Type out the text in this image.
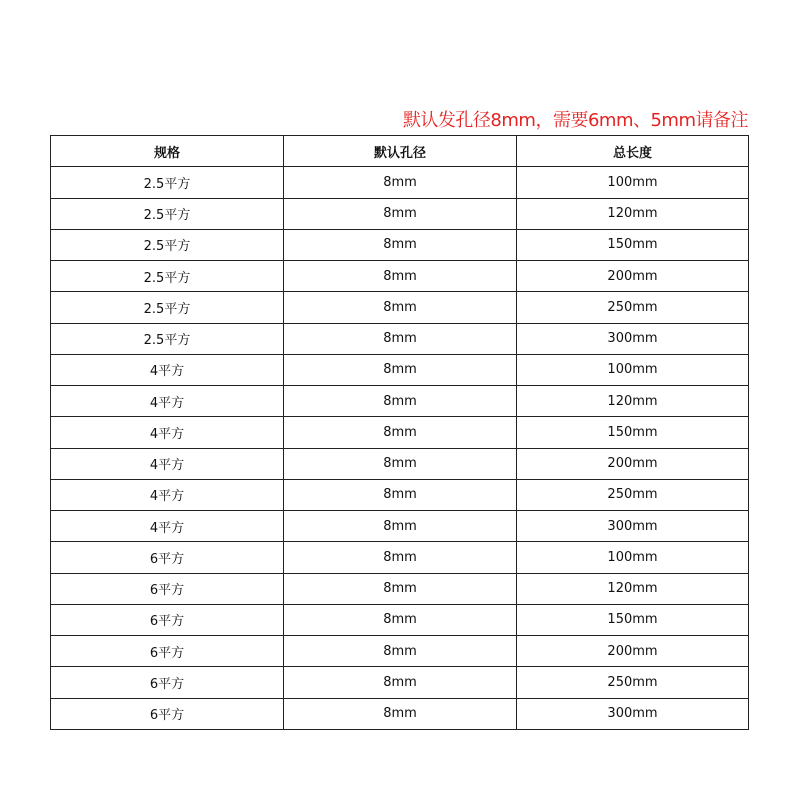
默认发孔径8mm，需要6mm、5mm请备注
规格	默认孔径	总长度
2.5平方	8mm	100mm
2.5平方	8mm	120mm
2.5平方	8mm	150mm
2.5平方	8mm	200mm
2.5平方	8mm	250mm
2.5平方	8mm	300mm
4平方	8mm	100mm
4平方	8mm	120mm
4平方	8mm	150mm
4平方	8mm	200mm
4平方	8mm	250mm
4平方	8mm	300mm
6平方	8mm	100mm
6平方	8mm	120mm
6平方	8mm	150mm
6平方	8mm	200mm
6平方	8mm	250mm
6平方	8mm	300mm
